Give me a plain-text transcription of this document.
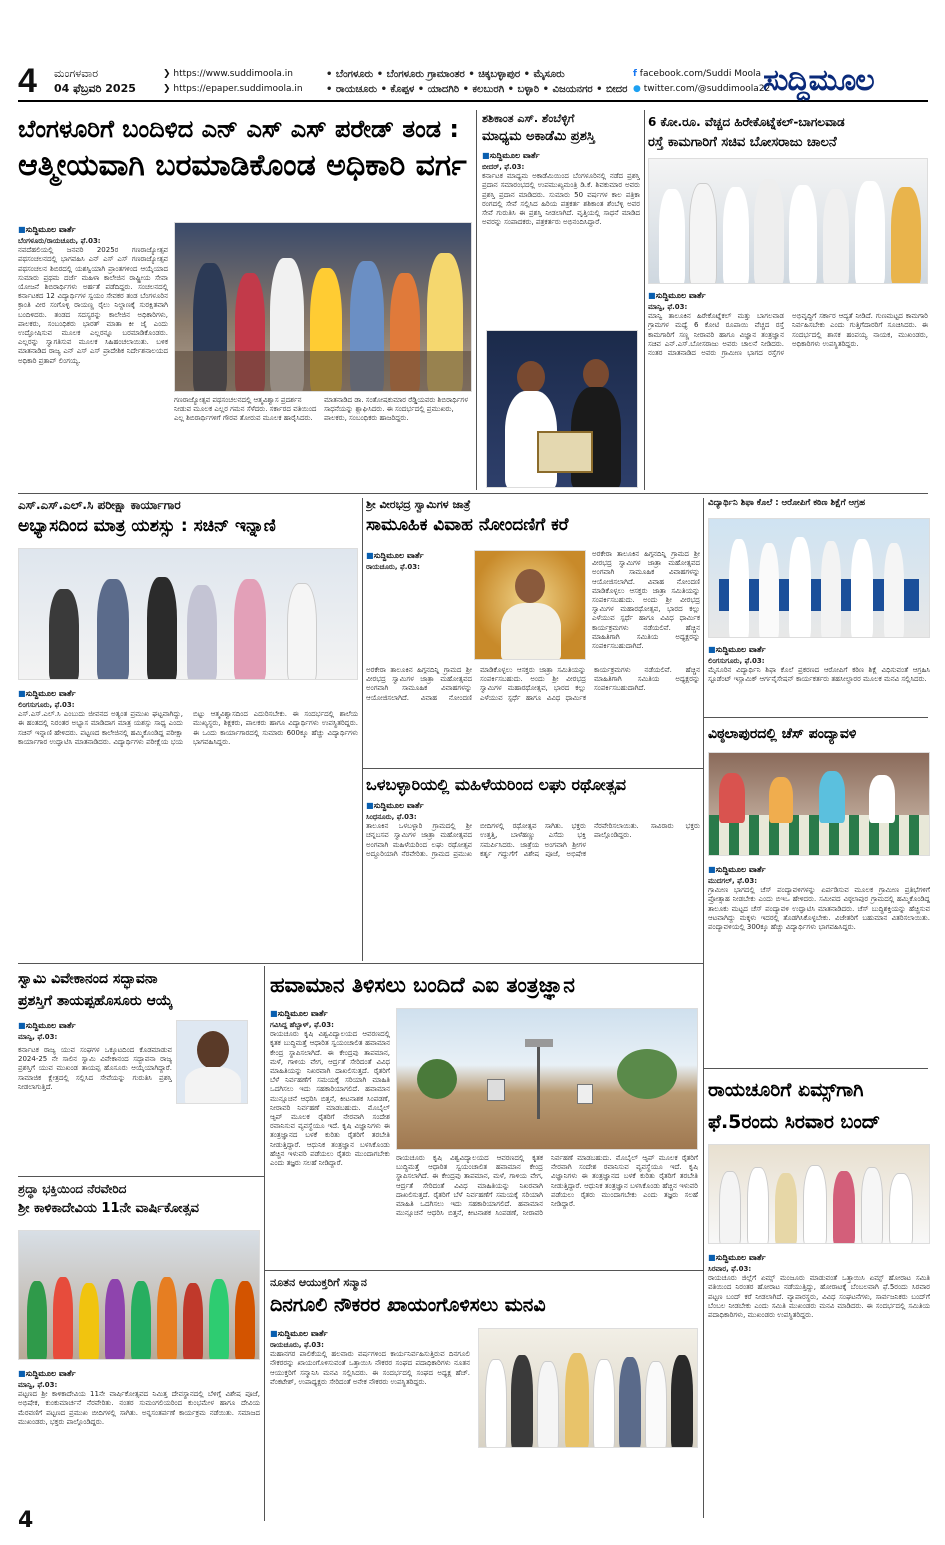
4 ಮಂಗಳವಾರ
04 ಫೆಬ್ರವರಿ 2025
❯ https://www.suddimoola.in
❯ https://epaper.suddimoola.in
• ಬೆಂಗಳೂರು • ಬೆಂಗಳೂರು ಗ್ರಾಮಾಂತರ • ಚಿಕ್ಕಬಳ್ಳಾಪುರ • ಮೈಸೂರು
• ರಾಯಚೂರು • ಕೊಪ್ಪಳ • ಯಾದಗಿರಿ • ಕಲಬುರಗಿ • ಬಳ್ಳಾರಿ • ವಿಜಯನಗರ • ಬೀದರ
f facebook.com/Suddi Moola
● twitter.com/@suddimoola22
ಸುದ್ದಿಮೂಲ
ಬೆಂಗಳೂರಿಗೆ ಬಂದಿಳಿದ ಎನ್ ಎಸ್ ಎಸ್ ಪರೇಡ್ ತಂಡ :
ಆತ್ಮೀಯವಾಗಿ ಬರಮಾಡಿಕೊಂಡ ಅಧಿಕಾರಿ ವರ್ಗ
■ ಸುದ್ದಿಮೂಲ ವಾರ್ತೆ
ಬೆಂಗಳೂರು/ರಾಯಚೂರು, ಫೆ.03:
ನವದೆಹಲಿಯಲ್ಲಿ ಜನವರಿ 2025ರ ಗಣರಾಜ್ಯೋತ್ಸವ ಪಥಸಂಚಲನದಲ್ಲಿ ಭಾಗವಹಿಸಿ ಎನ್ ಎಸ್ ಎಸ್ ಗಣರಾಜ್ಯೋತ್ಸವ ಪಥಸಂಚಲನ ಶಿಬಿರದಲ್ಲಿ ಯಶಸ್ವಿಯಾಗಿ ಪ್ರಾಂತಗಳಿಂದ ಆಯ್ಕೆಯಾದ ಸುಮಾರು ಪ್ರಥಮ ದರ್ಜೆ ಮಹಿಳಾ ಕಾಲೇಜಿನ ರಾಷ್ಟ್ರೀಯ ಸೇವಾ ಯೋಜನೆ ಶಿಬಿರಾರ್ಥಿಗಳು ಅರ್ಹತೆ ಪಡೆದಿದ್ದರು. ಸಂಚಲನದಲ್ಲಿ ಕರ್ನಾಟಕದ 12 ವಿದ್ಯಾರ್ಥಿಗಳ ಸ್ವಯಂ ಸೇವಕರ ತಂಡ ಬೆಂಗಳೂರಿನ ಕ್ರಾಂತಿ ವೀರ ಸಂಗೊಳ್ಳಿ ರಾಯಣ್ಣ ರೈಲು ನಿಲ್ದಾಣಕ್ಕೆ ಸುರಕ್ಷಿತವಾಗಿ ಬಂದಿಳಿದರು. ತಂಡದ ಸದಸ್ಯರನ್ನು ಕಾಲೇಜಿನ ಅಧಿಕಾರಿಗಳು, ಪಾಲಕರು, ಸಂಬಂಧಿಕರು ಭಾರತ್ ಮಾತಾ ಕೀ ಜೈ ಎಂದು ಉದ್ಘೋಷಿಸುವ ಮೂಲಕ ಎಲ್ಲರನ್ನೂ ಬರಮಾಡಿಕೊಂಡರು. ಎಲ್ಲರನ್ನು ಸ್ವಾಗತಿಸುವ ಮೂಲಕ ಸಿಹಿಹಂಚಲಾಯಿತು. ಬಳಿಕ ಮಾತನಾಡಿದ ರಾಜ್ಯ ಎನ್ ಎಸ್ ಎಸ್ ಪ್ರಾದೇಶಿಕ ನಿರ್ದೇಶನಾಲಯದ ಅಧಿಕಾರಿ ಪ್ರತಾಪ್ ಲಿಂಗಯ್ಯ.
ಗಣರಾಜ್ಯೋತ್ಸವ ಪಥಸಂಚಲನದಲ್ಲಿ ಆತ್ಮವಿಶ್ವಾಸ ಪ್ರದರ್ಶನ ನೀಡುವ ಮೂಲಕ ಎಲ್ಲರ ಗಮನ ಸೆಳೆದರು. ಸರ್ಕಾರದ ವತಿಯಿಂದ ಎಲ್ಲ ಶಿಬಿರಾರ್ಥಿಗಳಿಗೆ ಗೌರವ ತೋರುವ ಮೂಲಕ ಹಾರೈಸಿದರು.
ಮಾತನಾಡಿದ ಡಾ. ಸಂತೋಷಕುಮಾರ ರೆಡ್ಡಿಯವರು ಶಿಬಿರಾರ್ಥಿಗಳ ಸಾಧನೆಯನ್ನು ಶ್ಲಾಘಿಸಿದರು. ಈ ಸಂದರ್ಭದಲ್ಲಿ ಪ್ರಮುಖರು, ಪಾಲಕರು, ಸಂಬಂಧಿಕರು ಹಾಜರಿದ್ದರು.
ಶಶಿಕಾಂತ ಎಸ್. ಶೆಂಬೆಳ್ಳಿಗೆ
ಮಾಧ್ಯಮ ಅಕಾಡೆಮಿ ಪ್ರಶಸ್ತಿ
■ ಸುದ್ದಿಮೂಲ ವಾರ್ತೆ
ಬೀದರ್, ಫೆ.03:
ಕರ್ನಾಟಕ ಮಾಧ್ಯಮ ಅಕಾಡೆಮಿಯಿಂದ ಬೆಂಗಳೂರಿನಲ್ಲಿ ನಡೆದ ಪ್ರಶಸ್ತಿ ಪ್ರದಾನ ಸಮಾರಂಭದಲ್ಲಿ ಉಪಮುಖ್ಯಮಂತ್ರಿ ಡಿ.ಕೆ. ಶಿವಕುಮಾರ ಅವರು ಪ್ರಶಸ್ತಿ ಪ್ರದಾನ ಮಾಡಿದರು. ಸುಮಾರು 50 ವರ್ಷಗಳ ಕಾಲ ಪತ್ರಿಕಾ ರಂಗದಲ್ಲಿ ಸೇವೆ ಸಲ್ಲಿಸಿದ ಹಿರಿಯ ಪತ್ರಕರ್ತ ಶಶಿಕಾಂತ ಶೆಂಬೆಳ್ಳಿ ಅವರ ಸೇವೆ ಗುರುತಿಸಿ ಈ ಪ್ರಶಸ್ತಿ ನೀಡಲಾಗಿದೆ. ವೃತ್ತಿಯಲ್ಲಿ ಸಾಧನೆ ಮಾಡಿದ ಅವರನ್ನು ಸಂಪಾದಕರು, ಪತ್ರಕರ್ತರು ಅಭಿನಂದಿಸಿದ್ದಾರೆ.
6 ಕೋ.ರೂ. ವೆಚ್ಚದ ಹಿರೇಕೊಟ್ನೆಕಲ್-ಬಾಗಲವಾಡ
ರಸ್ತೆ ಕಾಮಗಾರಿಗೆ ಸಚಿವ ಬೋಸರಾಜು ಚಾಲನೆ
■ ಸುದ್ದಿಮೂಲ ವಾರ್ತೆ
ಮಾನ್ವಿ, ಫೆ.03:
ಮಾನ್ವಿ ತಾಲೂಕಿನ ಹಿರೇಕೊಟ್ನೆಕಲ್ ಮತ್ತು ಬಾಗಲವಾಡ ಗ್ರಾಮಗಳ ಮಧ್ಯೆ 6 ಕೋಟಿ ರೂಪಾಯಿ ವೆಚ್ಚದ ರಸ್ತೆ ಕಾಮಗಾರಿಗೆ ಸಣ್ಣ ನೀರಾವರಿ ಹಾಗೂ ವಿಜ್ಞಾನ ತಂತ್ರಜ್ಞಾನ ಸಚಿವ ಎನ್.ಎಸ್.ಬೋಸರಾಜು ಅವರು ಚಾಲನೆ ನೀಡಿದರು. ನಂತರ ಮಾತನಾಡಿದ ಅವರು ಗ್ರಾಮೀಣ ಭಾಗದ ರಸ್ತೆಗಳ ಅಭಿವೃದ್ಧಿಗೆ ಸರ್ಕಾರ ಆದ್ಯತೆ ನೀಡಿದೆ. ಗುಣಮಟ್ಟದ ಕಾಮಗಾರಿ ನಿರ್ವಹಿಸಬೇಕು ಎಂದು ಗುತ್ತಿಗೆದಾರರಿಗೆ ಸೂಚಿಸಿದರು. ಈ ಸಂದರ್ಭದಲ್ಲಿ ಶಾಸಕ ಹಂಪಯ್ಯ ನಾಯಕ, ಮುಖಂಡರು, ಅಧಿಕಾರಿಗಳು ಉಪಸ್ಥಿತರಿದ್ದರು.
ಎಸ್.ಎಸ್.ಎಲ್.ಸಿ ಪರೀಕ್ಷಾ ಕಾರ್ಯಾಗಾರ
ಅಭ್ಯಾಸದಿಂದ ಮಾತ್ರ ಯಶಸ್ಸು : ಸಚಿನ್ ಇನ್ನಾಣಿ
■ ಸುದ್ದಿಮೂಲ ವಾರ್ತೆ
ಲಿಂಗಸುಗೂರು, ಫೆ.03:
ಎಸ್.ಎಸ್.ಎಲ್.ಸಿ ಎಂಬುದು ಜೀವನದ ಅತ್ಯಂತ ಪ್ರಮುಖ ಘಟ್ಟವಾಗಿದ್ದು, ಈ ಹಂತದಲ್ಲಿ ನಿರಂತರ ಅಭ್ಯಾಸ ಮಾಡಿದಾಗ ಮಾತ್ರ ಯಶಸ್ಸು ಸಾಧ್ಯ ಎಂದು ಸಚಿನ್ ಇನ್ನಾಣಿ ಹೇಳಿದರು. ಪಟ್ಟಣದ ಕಾಲೇಜಿನಲ್ಲಿ ಹಮ್ಮಿಕೊಂಡಿದ್ದ ಪರೀಕ್ಷಾ ಕಾರ್ಯಾಗಾರ ಉದ್ಘಾಟಿಸಿ ಮಾತನಾಡಿದರು. ವಿದ್ಯಾರ್ಥಿಗಳು ಪರೀಕ್ಷೆಯ ಭಯ ಬಿಟ್ಟು ಆತ್ಮವಿಶ್ವಾಸದಿಂದ ಎದುರಿಸಬೇಕು. ಈ ಸಂದರ್ಭದಲ್ಲಿ ಶಾಲೆಯ ಮುಖ್ಯಸ್ಥರು, ಶಿಕ್ಷಕರು, ಪಾಲಕರು ಹಾಗೂ ವಿದ್ಯಾರ್ಥಿಗಳು ಉಪಸ್ಥಿತರಿದ್ದರು. ಈ ಒಂದು ಕಾರ್ಯಾಗಾರದಲ್ಲಿ ಸುಮಾರು 600ಕ್ಕೂ ಹೆಚ್ಚು ವಿದ್ಯಾರ್ಥಿಗಳು ಭಾಗವಹಿಸಿದ್ದರು.
ಶ್ರೀ ವೀರಭದ್ರ ಸ್ವಾಮಿಗಳ ಜಾತ್ರೆ
ಸಾಮೂಹಿಕ ವಿವಾಹ ನೋಂದಣಿಗೆ ಕರೆ
■ ಸುದ್ದಿಮೂಲ ವಾರ್ತೆ
ರಾಯಚೂರು, ಫೆ.03:
ಅರಕೇರಾ ತಾಲೂಕಿನ ಹಿಗ್ಗನದಿನ್ನಿ ಗ್ರಾಮದ ಶ್ರೀ ವೀರಭದ್ರ ಸ್ವಾಮಿಗಳ ಜಾತ್ರಾ ಮಹೋತ್ಸವದ ಅಂಗವಾಗಿ ಸಾಮೂಹಿಕ ವಿವಾಹಗಳನ್ನು ಆಯೋಜಿಸಲಾಗಿದೆ. ವಿವಾಹ ನೋಂದಣಿ ಮಾಡಿಕೊಳ್ಳಲು ಆಸಕ್ತರು ಜಾತ್ರಾ ಸಮಿತಿಯನ್ನು ಸಂಪರ್ಕಿಸಬಹುದು. ಅಂದು ಶ್ರೀ ವೀರಭದ್ರ ಸ್ವಾಮಿಗಳ ಮಹಾರಥೋತ್ಸವ, ಭಾರದ ಕಲ್ಲು ಎಳೆಯುವ ಸ್ಪರ್ಧೆ ಹಾಗೂ ವಿವಿಧ ಧಾರ್ಮಿಕ ಕಾರ್ಯಕ್ರಮಗಳು ನಡೆಯಲಿವೆ. ಹೆಚ್ಚಿನ ಮಾಹಿತಿಗಾಗಿ ಸಮಿತಿಯ ಅಧ್ಯಕ್ಷರನ್ನು ಸಂಪರ್ಕಿಸಬಹುದಾಗಿದೆ.
ಅರಕೇರಾ ತಾಲೂಕಿನ ಹಿಗ್ಗನದಿನ್ನಿ ಗ್ರಾಮದ ಶ್ರೀ ವೀರಭದ್ರ ಸ್ವಾಮಿಗಳ ಜಾತ್ರಾ ಮಹೋತ್ಸವದ ಅಂಗವಾಗಿ ಸಾಮೂಹಿಕ ವಿವಾಹಗಳನ್ನು ಆಯೋಜಿಸಲಾಗಿದೆ. ವಿವಾಹ ನೋಂದಣಿ ಮಾಡಿಕೊಳ್ಳಲು ಆಸಕ್ತರು ಜಾತ್ರಾ ಸಮಿತಿಯನ್ನು ಸಂಪರ್ಕಿಸಬಹುದು. ಅಂದು ಶ್ರೀ ವೀರಭದ್ರ ಸ್ವಾಮಿಗಳ ಮಹಾರಥೋತ್ಸವ, ಭಾರದ ಕಲ್ಲು ಎಳೆಯುವ ಸ್ಪರ್ಧೆ ಹಾಗೂ ವಿವಿಧ ಧಾರ್ಮಿಕ ಕಾರ್ಯಕ್ರಮಗಳು ನಡೆಯಲಿವೆ. ಹೆಚ್ಚಿನ ಮಾಹಿತಿಗಾಗಿ ಸಮಿತಿಯ ಅಧ್ಯಕ್ಷರನ್ನು ಸಂಪರ್ಕಿಸಬಹುದಾಗಿದೆ.
ಒಳಬಳ್ಳಾರಿಯಲ್ಲಿ ಮಹಿಳೆಯರಿಂದ ಲಘು ರಥೋತ್ಸವ
■ ಸುದ್ದಿಮೂಲ ವಾರ್ತೆ
ಸಿಂಧನೂರು, ಫೆ.03:
ತಾಲೂಕಿನ ಒಳಬಳ್ಳಾರಿ ಗ್ರಾಮದಲ್ಲಿ ಶ್ರೀ ಚನ್ನಬಸವ ಸ್ವಾಮಿಗಳ ಜಾತ್ರಾ ಮಹೋತ್ಸವದ ಅಂಗವಾಗಿ ಮಹಿಳೆಯರಿಂದ ಲಘು ರಥೋತ್ಸವ ಅದ್ದೂರಿಯಾಗಿ ನೆರವೇರಿತು. ಗ್ರಾಮದ ಪ್ರಮುಖ ಬೀದಿಗಳಲ್ಲಿ ರಥೋತ್ಸವ ಸಾಗಿತು. ಭಕ್ತರು ಉತ್ತತ್ತಿ, ಬಾಳೆಹಣ್ಣು ಎಸೆದು ಭಕ್ತಿ ಸಮರ್ಪಿಸಿದರು. ಜಾತ್ರೆಯ ಅಂಗವಾಗಿ ಶ್ರೀಗಳ ಕರ್ತೃ ಗದ್ದುಗೆಗೆ ವಿಶೇಷ ಪೂಜೆ, ಅಭಿಷೇಕ ನೆರವೇರಿಸಲಾಯಿತು. ಸಾವಿರಾರು ಭಕ್ತರು ಪಾಲ್ಗೊಂಡಿದ್ದರು.
ವಿದ್ಯಾರ್ಥಿನಿ ಶಿಫಾ ಕೊಲೆ : ಆರೋಪಿಗೆ ಕಠಿಣ ಶಿಕ್ಷೆಗೆ ಆಗ್ರಹ
■ ಸುದ್ದಿಮೂಲ ವಾರ್ತೆ
ಲಿಂಗಸುಗೂರು, ಫೆ.03:
ಮೈಸೂರಿನ ವಿದ್ಯಾರ್ಥಿನಿ ಶಿಫಾ ಕೊಲೆ ಪ್ರಕರಣದ ಆರೋಪಿಗೆ ಕಠಿಣ ಶಿಕ್ಷೆ ವಿಧಿಸುವಂತೆ ಆಗ್ರಹಿಸಿ ಸ್ಟೂಡೆಂಟ್ ಇಸ್ಲಾಮಿಕ್ ಆರ್ಗನೈಸೇಷನ್ ಕಾರ್ಯಕರ್ತರು ತಹಸೀಲ್ದಾರರ ಮೂಲಕ ಮನವಿ ಸಲ್ಲಿಸಿದರು.
ವಿಠ್ಠಲಾಪುರದಲ್ಲಿ ಚೆಸ್ ಪಂದ್ಯಾವಳಿ
■ ಸುದ್ದಿಮೂಲ ವಾರ್ತೆ
ಮುದಗಲ್, ಫೆ.03:
ಗ್ರಾಮೀಣ ಭಾಗದಲ್ಲಿ ಚೆಸ್ ಪಂದ್ಯಾವಳಿಗಳನ್ನು ಏರ್ಪಡಿಸುವ ಮೂಲಕ ಗ್ರಾಮೀಣ ಪ್ರತಿಭೆಗಳಿಗೆ ಪ್ರೋತ್ಸಾಹ ನೀಡಬೇಕು ಎಂದು ಬಿಇಒ ಹೇಳಿದರು. ಸಮೀಪದ ವಿಠ್ಠಲಾಪುರ ಗ್ರಾಮದಲ್ಲಿ ಹಮ್ಮಿಕೊಂಡಿದ್ದ ತಾಲೂಕು ಮಟ್ಟದ ಚೆಸ್ ಪಂದ್ಯಾವಳಿ ಉದ್ಘಾಟಿಸಿ ಮಾತನಾಡಿದರು. ಚೆಸ್ ಬುದ್ಧಿಶಕ್ತಿಯನ್ನು ಹೆಚ್ಚಿಸುವ ಆಟವಾಗಿದ್ದು ಮಕ್ಕಳು ಇದರಲ್ಲಿ ತೊಡಗಿಸಿಕೊಳ್ಳಬೇಕು. ವಿಜೇತರಿಗೆ ಬಹುಮಾನ ವಿತರಿಸಲಾಯಿತು. ಪಂದ್ಯಾವಳಿಯಲ್ಲಿ 300ಕ್ಕೂ ಹೆಚ್ಚು ವಿದ್ಯಾರ್ಥಿಗಳು ಭಾಗವಹಿಸಿದ್ದರು.
ರಾಯಚೂರಿಗೆ ಏಮ್ಸ್‌ಗಾಗಿ
ಫೆ.5ರಂದು ಸಿರವಾರ ಬಂದ್
■ ಸುದ್ದಿಮೂಲ ವಾರ್ತೆ
ಸಿರವಾರ, ಫೆ.03:
ರಾಯಚೂರು ಜಿಲ್ಲೆಗೆ ಏಮ್ಸ್ ಮಂಜೂರು ಮಾಡುವಂತೆ ಒತ್ತಾಯಿಸಿ ಏಮ್ಸ್ ಹೋರಾಟ ಸಮಿತಿ ವತಿಯಿಂದ ನಿರಂತರ ಹೋರಾಟ ನಡೆಯುತ್ತಿದ್ದು, ಹೋರಾಟಕ್ಕೆ ಬೆಂಬಲವಾಗಿ ಫೆ.5ರಂದು ಸಿರವಾರ ಪಟ್ಟಣ ಬಂದ್ ಕರೆ ನೀಡಲಾಗಿದೆ. ವ್ಯಾಪಾರಸ್ಥರು, ವಿವಿಧ ಸಂಘಟನೆಗಳು, ಸಾರ್ವಜನಿಕರು ಬಂದ್‌ಗೆ ಬೆಂಬಲ ನೀಡಬೇಕು ಎಂದು ಸಮಿತಿ ಮುಖಂಡರು ಮನವಿ ಮಾಡಿದರು. ಈ ಸಂದರ್ಭದಲ್ಲಿ ಸಮಿತಿಯ ಪದಾಧಿಕಾರಿಗಳು, ಮುಖಂಡರು ಉಪಸ್ಥಿತರಿದ್ದರು.
ಸ್ವಾಮಿ ವಿವೇಕಾನಂದ ಸದ್ಭಾವನಾ
ಪ್ರಶಸ್ತಿಗೆ ತಾಯಪ್ಪಹೊಸೂರು ಆಯ್ಕೆ
■ ಸುದ್ದಿಮೂಲ ವಾರ್ತೆ
ಮಾನ್ವಿ, ಫೆ.03:
ಕರ್ನಾಟಕ ರಾಜ್ಯ ಯುವ ಸಂಘಗಳ ಒಕ್ಕೂಟದಿಂದ ಕೊಡಮಾಡುವ 2024-25 ನೇ ಸಾಲಿನ ಸ್ವಾಮಿ ವಿವೇಕಾನಂದ ಸದ್ಭಾವನಾ ರಾಜ್ಯ ಪ್ರಶಸ್ತಿಗೆ ಯುವ ಮುಖಂಡ ತಾಯಪ್ಪ ಹೊಸೂರು ಆಯ್ಕೆಯಾಗಿದ್ದಾರೆ. ಸಾಮಾಜಿಕ ಕ್ಷೇತ್ರದಲ್ಲಿ ಸಲ್ಲಿಸಿದ ಸೇವೆಯನ್ನು ಗುರುತಿಸಿ ಪ್ರಶಸ್ತಿ ನೀಡಲಾಗುತ್ತಿದೆ.
ಶ್ರದ್ಧಾ ಭಕ್ತಿಯಿಂದ ನೆರವೇರಿದ
ಶ್ರೀ ಕಾಳಿಕಾದೇವಿಯ 11ನೇ ವಾರ್ಷಿಕೋತ್ಸವ
■ ಸುದ್ದಿಮೂಲ ವಾರ್ತೆ
ಮಾನ್ವಿ, ಫೆ.03:
ಪಟ್ಟಣದ ಶ್ರೀ ಕಾಳಿಕಾದೇವಿಯ 11ನೇ ವಾರ್ಷಿಕೋತ್ಸವದ ನಿಮಿತ್ತ ದೇವಸ್ಥಾನದಲ್ಲಿ ಬೆಳಿಗ್ಗೆ ವಿಶೇಷ ಪೂಜೆ, ಅಭಿಷೇಕ, ಕುಂಕುಮಾರ್ಚನೆ ನೆರವೇರಿತು. ನಂತರ ಸುಮಂಗಲಿಯರಿಂದ ಕುಂಭಮೇಳ ಹಾಗೂ ದೇವಿಯ ಮೆರವಣಿಗೆ ಪಟ್ಟಣದ ಪ್ರಮುಖ ಬೀದಿಗಳಲ್ಲಿ ಸಾಗಿತು. ಅನ್ನಸಂತರ್ಪಣೆ ಕಾರ್ಯಕ್ರಮ ನಡೆಯಿತು. ಸಮಾಜದ ಮುಖಂಡರು, ಭಕ್ತರು ಪಾಲ್ಗೊಂಡಿದ್ದರು.
ಹವಾಮಾನ ತಿಳಿಸಲು ಬಂದಿದೆ ಎಐ ತಂತ್ರಜ್ಞಾನ
■ ಸುದ್ದಿಮೂಲ ವಾರ್ತೆ
ಗವಿಸಿದ್ದ ಹೆಬ್ಬಾಳ್, ಫೆ.03:
ರಾಯಚೂರು ಕೃಷಿ ವಿಶ್ವವಿದ್ಯಾಲಯದ ಆವರಣದಲ್ಲಿ ಕೃತಕ ಬುದ್ಧಿಮತ್ತೆ ಆಧಾರಿತ ಸ್ವಯಂಚಾಲಿತ ಹವಾಮಾನ ಕೇಂದ್ರ ಸ್ಥಾಪಿಸಲಾಗಿದೆ. ಈ ಕೇಂದ್ರವು ತಾಪಮಾನ, ಮಳೆ, ಗಾಳಿಯ ವೇಗ, ಆರ್ದ್ರತೆ ಸೇರಿದಂತೆ ವಿವಿಧ ಮಾಹಿತಿಯನ್ನು ನಿಖರವಾಗಿ ದಾಖಲಿಸುತ್ತದೆ. ರೈತರಿಗೆ ಬೆಳೆ ನಿರ್ವಹಣೆಗೆ ಸಮಯಕ್ಕೆ ಸರಿಯಾಗಿ ಮಾಹಿತಿ ಒದಗಿಸಲು ಇದು ಸಹಕಾರಿಯಾಗಲಿದೆ. ಹವಾಮಾನ ಮುನ್ಸೂಚನೆ ಆಧರಿಸಿ ಬಿತ್ತನೆ, ಕೀಟನಾಶಕ ಸಿಂಪಡಣೆ, ನೀರಾವರಿ ನಿರ್ವಹಣೆ ಮಾಡಬಹುದು. ಮೊಬೈಲ್ ಆ್ಯಪ್ ಮೂಲಕ ರೈತರಿಗೆ ನೇರವಾಗಿ ಸಂದೇಶ ರವಾನಿಸುವ ವ್ಯವಸ್ಥೆಯೂ ಇದೆ. ಕೃಷಿ ವಿಜ್ಞಾನಿಗಳು ಈ ತಂತ್ರಜ್ಞಾನದ ಬಳಕೆ ಕುರಿತು ರೈತರಿಗೆ ತರಬೇತಿ ನೀಡುತ್ತಿದ್ದಾರೆ. ಆಧುನಿಕ ತಂತ್ರಜ್ಞಾನ ಬಳಸಿಕೊಂಡು ಹೆಚ್ಚಿನ ಇಳುವರಿ ಪಡೆಯಲು ರೈತರು ಮುಂದಾಗಬೇಕು ಎಂದು ತಜ್ಞರು ಸಲಹೆ ನೀಡಿದ್ದಾರೆ.
ರಾಯಚೂರು ಕೃಷಿ ವಿಶ್ವವಿದ್ಯಾಲಯದ ಆವರಣದಲ್ಲಿ ಕೃತಕ ಬುದ್ಧಿಮತ್ತೆ ಆಧಾರಿತ ಸ್ವಯಂಚಾಲಿತ ಹವಾಮಾನ ಕೇಂದ್ರ ಸ್ಥಾಪಿಸಲಾಗಿದೆ. ಈ ಕೇಂದ್ರವು ತಾಪಮಾನ, ಮಳೆ, ಗಾಳಿಯ ವೇಗ, ಆರ್ದ್ರತೆ ಸೇರಿದಂತೆ ವಿವಿಧ ಮಾಹಿತಿಯನ್ನು ನಿಖರವಾಗಿ ದಾಖಲಿಸುತ್ತದೆ. ರೈತರಿಗೆ ಬೆಳೆ ನಿರ್ವಹಣೆಗೆ ಸಮಯಕ್ಕೆ ಸರಿಯಾಗಿ ಮಾಹಿತಿ ಒದಗಿಸಲು ಇದು ಸಹಕಾರಿಯಾಗಲಿದೆ. ಹವಾಮಾನ ಮುನ್ಸೂಚನೆ ಆಧರಿಸಿ ಬಿತ್ತನೆ, ಕೀಟನಾಶಕ ಸಿಂಪಡಣೆ, ನೀರಾವರಿ ನಿರ್ವಹಣೆ ಮಾಡಬಹುದು. ಮೊಬೈಲ್ ಆ್ಯಪ್ ಮೂಲಕ ರೈತರಿಗೆ ನೇರವಾಗಿ ಸಂದೇಶ ರವಾನಿಸುವ ವ್ಯವಸ್ಥೆಯೂ ಇದೆ. ಕೃಷಿ ವಿಜ್ಞಾನಿಗಳು ಈ ತಂತ್ರಜ್ಞಾನದ ಬಳಕೆ ಕುರಿತು ರೈತರಿಗೆ ತರಬೇತಿ ನೀಡುತ್ತಿದ್ದಾರೆ. ಆಧುನಿಕ ತಂತ್ರಜ್ಞಾನ ಬಳಸಿಕೊಂಡು ಹೆಚ್ಚಿನ ಇಳುವರಿ ಪಡೆಯಲು ರೈತರು ಮುಂದಾಗಬೇಕು ಎಂದು ತಜ್ಞರು ಸಲಹೆ ನೀಡಿದ್ದಾರೆ.
ನೂತನ ಆಯುಕ್ತರಿಗೆ ಸನ್ಮಾನ
ದಿನಗೂಲಿ ನೌಕರರ ಖಾಯಂಗೊಳಿಸಲು ಮನವಿ
■ ಸುದ್ದಿಮೂಲ ವಾರ್ತೆ
ರಾಯಚೂರು, ಫೆ.03:
ಮಹಾನಗರ ಪಾಲಿಕೆಯಲ್ಲಿ ಹಲವಾರು ವರ್ಷಗಳಿಂದ ಕಾರ್ಯನಿರ್ವಹಿಸುತ್ತಿರುವ ದಿನಗೂಲಿ ನೌಕರರನ್ನು ಖಾಯಂಗೊಳಿಸುವಂತೆ ಒತ್ತಾಯಿಸಿ ನೌಕರರ ಸಂಘದ ಪದಾಧಿಕಾರಿಗಳು ನೂತನ ಆಯುಕ್ತರಿಗೆ ಸನ್ಮಾನಿಸಿ ಮನವಿ ಸಲ್ಲಿಸಿದರು. ಈ ಸಂದರ್ಭದಲ್ಲಿ ಸಂಘದ ಅಧ್ಯಕ್ಷ ಹೆಚ್. ವೆಂಕಟೇಶ್, ಉಪಾಧ್ಯಕ್ಷರು ಸೇರಿದಂತೆ ಅನೇಕ ನೌಕರರು ಉಪಸ್ಥಿತರಿದ್ದರು.
4
